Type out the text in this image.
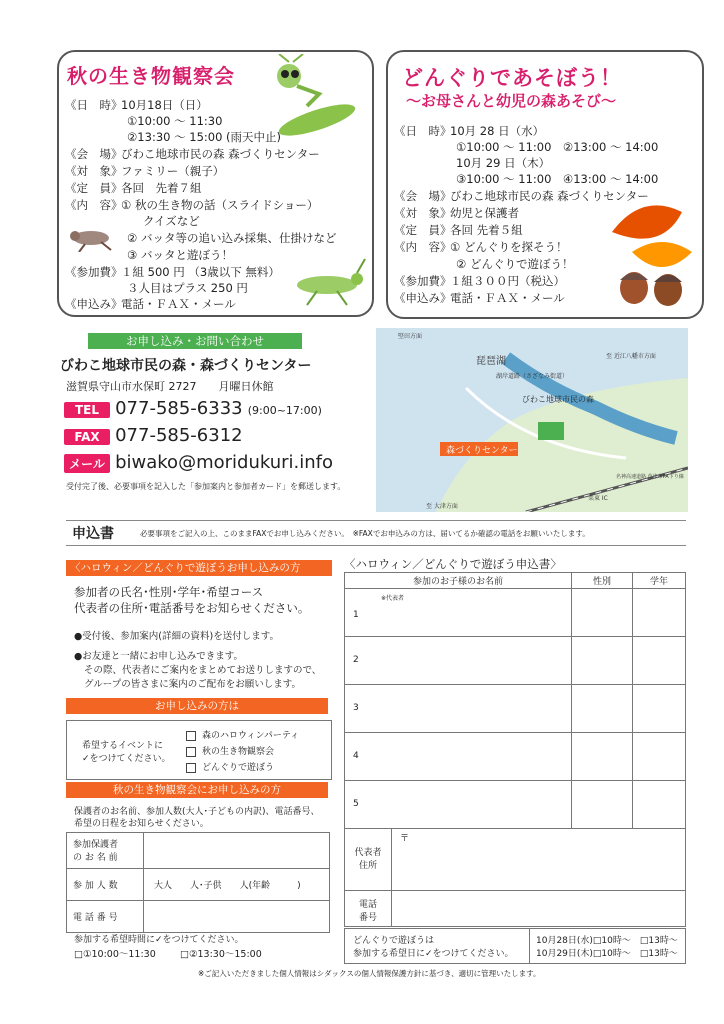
秋の生き物観察会
《日　時》10月18日（日）
①10:00 ～ 11:30
②13:30 ～ 15:00 (雨天中止)
《会　場》びわこ地球市民の森 森づくりセンター
《対　象》ファミリー（親子）
《定　員》各回　先着７組
《内　容》① 秋の生き物の話（スライドショー）
クイズなど
② バッタ等の追い込み採集、仕掛けなど
③ バッタと遊ぼう！
《参加費》１組 500 円 （3歳以下 無料）
３人目はプラス 250 円
《申込み》電話・ＦＡＸ・メール
どんぐりであそぼう！
～お母さんと幼児の森あそび～
《日　時》10月 28 日（水）
①10:00 ～ 11:00　 ②13:00 ～ 14:00
10月 29 日（木）
③10:00 ～ 11:00　 ④13:00 ～ 14:00
《会　場》びわこ地球市民の森 森づくりセンター
《対　象》幼児と保護者
《定　員》各回 先着５組
《内　容》① どんぐりを探そう！
② どんぐりで遊ぼう！
《参加費》１組３００円（税込）
《申込み》電話・ＦＡＸ・メール
お申し込み・お問い合わせ
びわこ地球市民の森・森づくりセンター
滋賀県守山市水保町 2727　　 月曜日休館
TEL 077-585-6333 (9:00~17:00)
FAX 077-585-6312
メール biwako@moridukuri.info
受付完了後、必要事項を記入した「参加案内と参加者カード」を郵送します。
琵琶湖
堅田方面
至 近江八幡市方面
湖岸道路（さざなみ街道）
びわこ地球市民の森
森づくりセンター
栗東 IC
名神高速道路 草津市PA下り線
至 大津方面
申込書	必要事項をご記入の上、このままFAXでお申し込みください。　※FAXでお申込みの方は、届いてるか確認の電話をお願いいたします。
〈ハロウィン／どんぐりで遊ぼうお申し込みの方
参加者の氏名･性別･学年･希望コース
代表者の住所･電話番号をお知らせください。
●受付後、参加案内(詳細の資料)を送付します。
●お友達と一緒にお申し込みできます。
その際、代表者にご案内をまとめてお送りしますので、
グループの皆さまに案内のご配布をお願いします。
お申し込みの方は
希望するイベントに
✓をつけてください。
森のハロウィンパーティ
秋の生き物観察会
どんぐりで遊ぼう
秋の生き物観察会にお申し込みの方
保護者のお名前、参加人数(大人･子どもの内訳)、電話番号、
希望の日程をお知らせください。
参加保護者
の お 名 前	

参 加 人 数	大人　　 人･子供　　 人(年齢　　　)
電 話 番 号	
参加する希望時間に✓をつけてください。
□①10:00～11:30	□②13:30～15:00
〈ハロウィン／どんぐりで遊ぼう申込書〉
参加のお子様のお名前	性別	学年

※代表者
1		

2		
3		
4		
5		
代表者
住所	〒

電話
番号	

どんぐりで遊ぼうは
参加する希望日に✓をつけてください。

10月28日(水)□10時～　□13時～
10月29日(木)□10時～　□13時～
※ご記入いただきました個人情報はシダックスの個人情報保護方針に基づき、適切に管理いたします。
